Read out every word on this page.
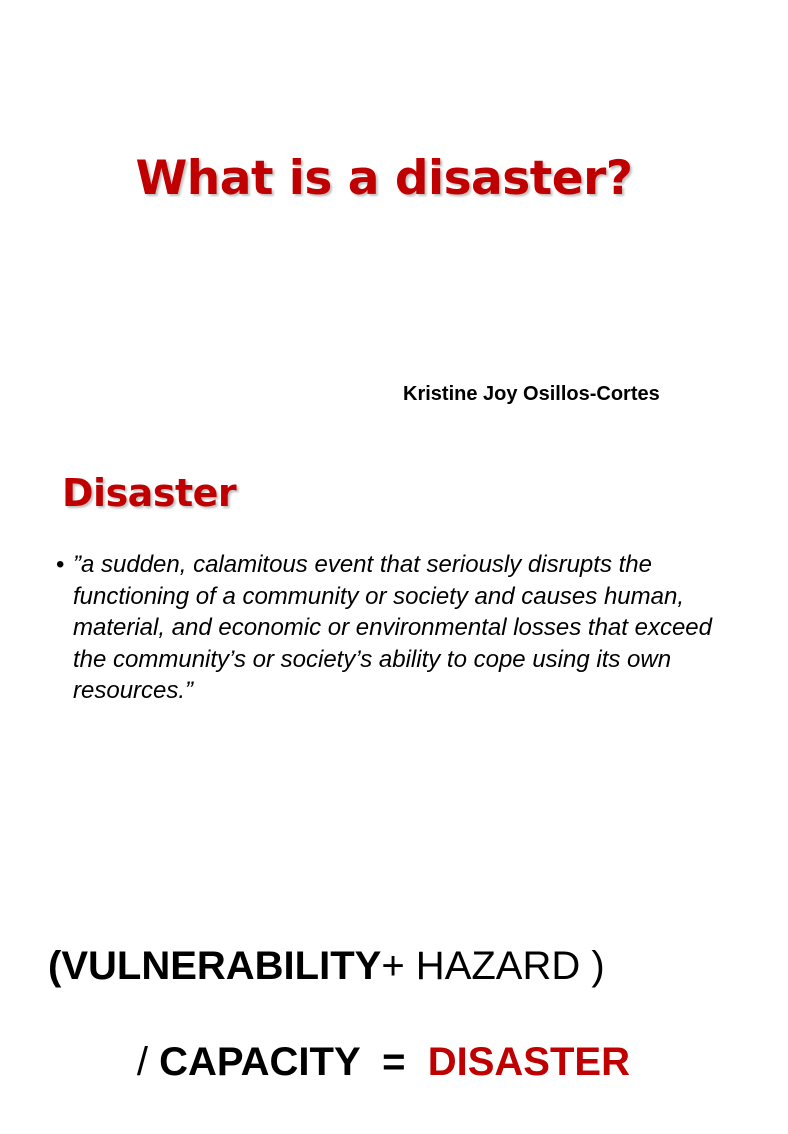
What is a disaster?

Kristine Joy Osillos-Cortes

Disaster
• ”a sudden, calamitous event that seriously disrupts the functioning of a community or society and causes human, material, and economic or environmental losses that exceed the community’s or society’s ability to cope using its own resources.”
(VULNERABILITY+ HAZARD )

/ CAPACITY  =  DISASTER
